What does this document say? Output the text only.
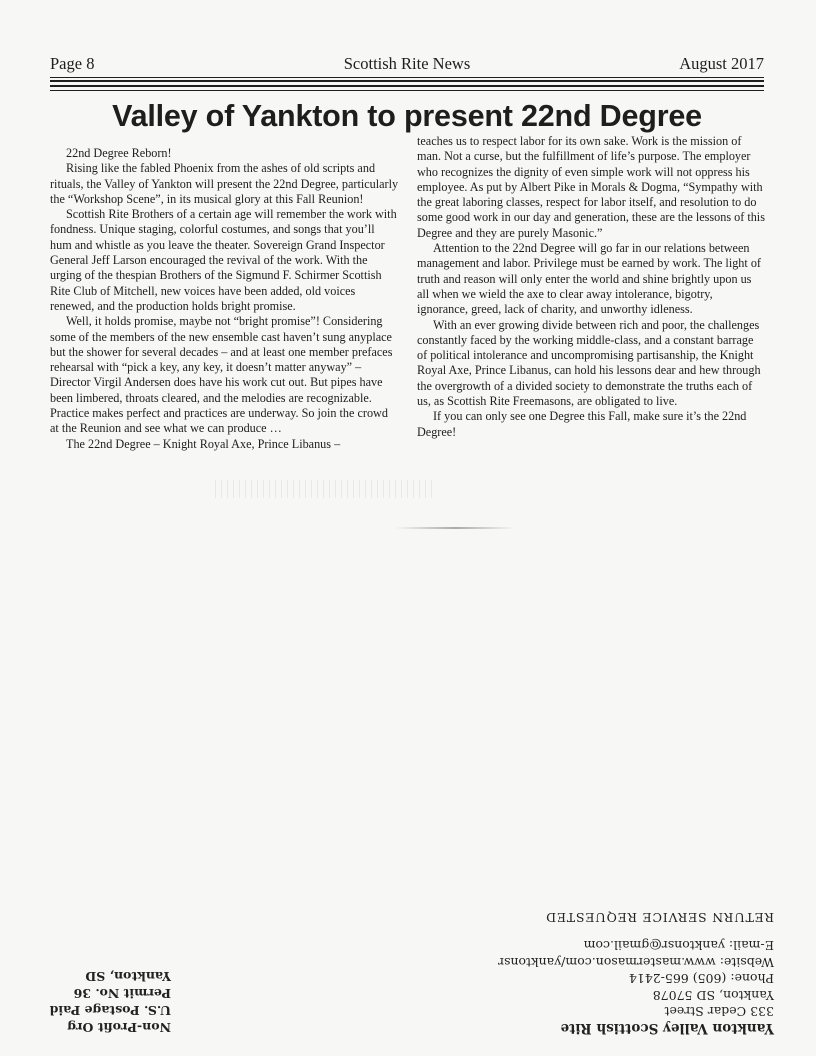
Page 8	Scottish Rite News	August 2017
Valley of Yankton to present 22nd Degree

22nd Degree Reborn!

Rising like the fabled Phoenix from the ashes of old scripts and rituals, the Valley of Yankton will present the 22nd Degree, particularly the “Workshop Scene”, in its musical glory at this Fall Reunion!

Scottish Rite Brothers of a certain age will remember the work with fondness. Unique staging, colorful costumes, and songs that you’ll hum and whistle as you leave the theater. Sovereign Grand Inspector General Jeff Larson encouraged the revival of the work. With the urging of the thespian Brothers of the Sigmund F. Schirmer Scottish Rite Club of Mitchell, new voices have been added, old voices renewed, and the production holds bright promise.

Well, it holds promise, maybe not “bright promise”! Considering some of the members of the new ensemble cast haven’t sung anyplace but the shower for several decades – and at least one member prefaces rehearsal with “pick a key, any key, it doesn’t matter anyway” – Director Virgil Andersen does have his work cut out. But pipes have been limbered, throats cleared, and the melodies are recognizable. Practice makes perfect and practices are underway. So join the crowd at the Reunion and see what we can produce …

The 22nd Degree – Knight Royal Axe, Prince Libanus –

teaches us to respect labor for its own sake. Work is the mission of man. Not a curse, but the fulfillment of life’s purpose. The employer who recognizes the dignity of even simple work will not oppress his employee. As put by Albert Pike in Morals & Dogma, “Sympathy with the great laboring classes, respect for labor itself, and resolution to do some good work in our day and generation, these are the lessons of this Degree and they are purely Masonic.”

Attention to the 22nd Degree will go far in our relations between management and labor. Privilege must be earned by work. The light of truth and reason will only enter the world and shine brightly upon us all when we wield the axe to clear away intolerance, bigotry, ignorance, greed, lack of charity, and unworthy idleness.

With an ever growing divide between rich and poor, the challenges constantly faced by the working middle-class, and a constant barrage of political intolerance and uncompromising partisanship, the Knight Royal Axe, Prince Libanus, can hold his lessons dear and hew through the overgrowth of a divided society to demonstrate the truths each of us, as Scottish Rite Freemasons, are obligated to live.

If you can only see one Degree this Fall, make sure it’s the 22nd Degree!

Yankton Valley Scottish Rite
333 Cedar Street
Yankton, SD 57078
Phone: (605) 665-2414
Website: www.mastermason.com/yanktonsr
E-mail: yanktonsr@gmail.com
RETURN SERVICE REQUESTED
Non-Profit Org
U.S. Postage Paid
Permit No. 36
Yankton, SD
